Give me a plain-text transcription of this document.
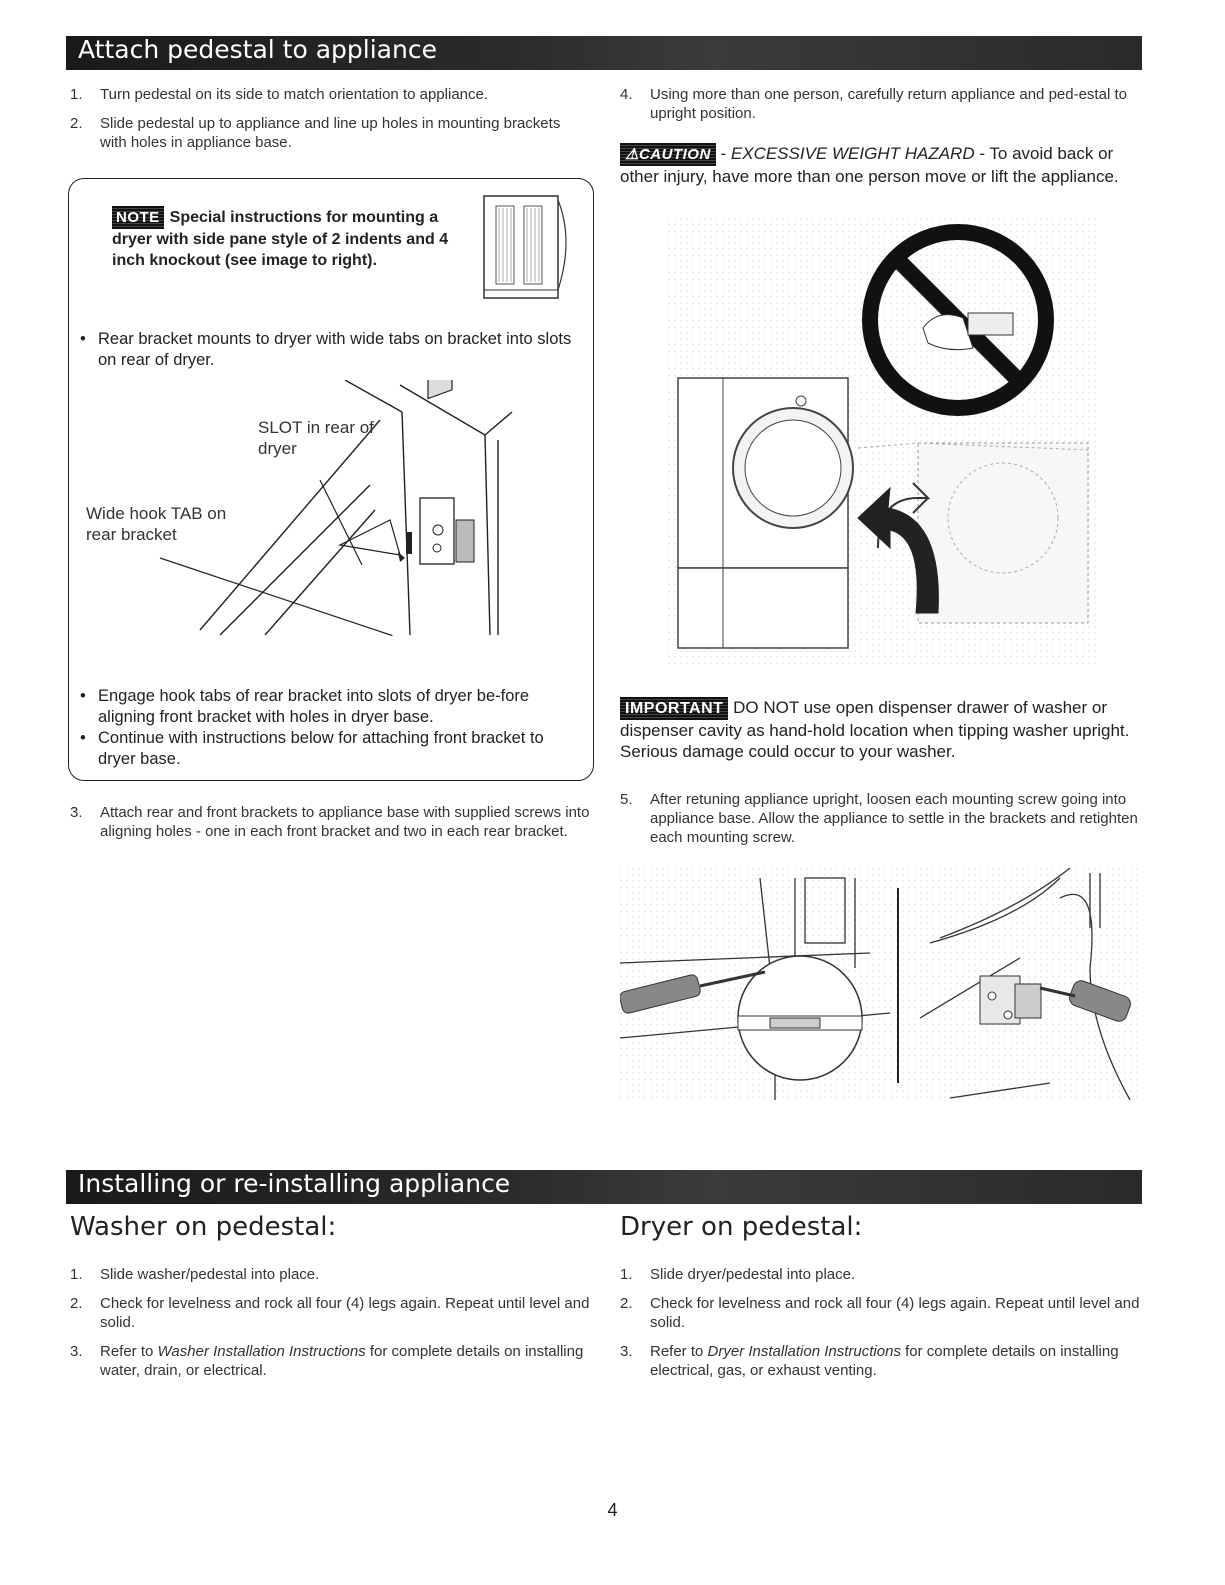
Attach pedestal to appliance
1. Turn pedestal on its side to match orientation to appliance.
2. Slide pedestal up to appliance and line up holes in mounting brackets with holes in appliance base.
NOTE Special instructions for mounting a dryer with side pane style of 2 indents and 4 inch knockout (see image to right).
• Rear bracket mounts to dryer with wide tabs on bracket into slots on rear of dryer.
SLOT in rear of dryer
Wide hook TAB on rear bracket
• Engage hook tabs of rear bracket into slots of dryer be-fore aligning front bracket with holes in dryer base.
• Continue with instructions below for attaching front bracket to dryer base.
3. Attach rear and front brackets to appliance base with supplied screws into aligning holes - one in each front bracket and two in each rear bracket.
4. Using more than one person, carefully return appliance and ped-estal to upright position.
⚠CAUTION - EXCESSIVE WEIGHT HAZARD - To avoid back or other injury, have more than one person move or lift the appliance.
IMPORTANT DO NOT use open dispenser drawer of washer or dispenser cavity as hand-hold location when tipping washer upright. Serious damage could occur to your washer.
5. After retuning appliance upright, loosen each mounting screw going into appliance base. Allow the appliance to settle in the brackets and retighten each mounting screw.
Installing or re-installing appliance
Washer on pedestal:	Dryer on pedestal:
1. Slide washer/pedestal into place.
2. Check for levelness and rock all four (4) legs again. Repeat until level and solid.
3. Refer to Washer Installation Instructions for complete details on installing water, drain, or electrical.
1. Slide dryer/pedestal into place.
2. Check for levelness and rock all four (4) legs again. Repeat until level and solid.
3. Refer to Dryer Installation Instructions for complete details on installing electrical, gas, or exhaust venting.
4
